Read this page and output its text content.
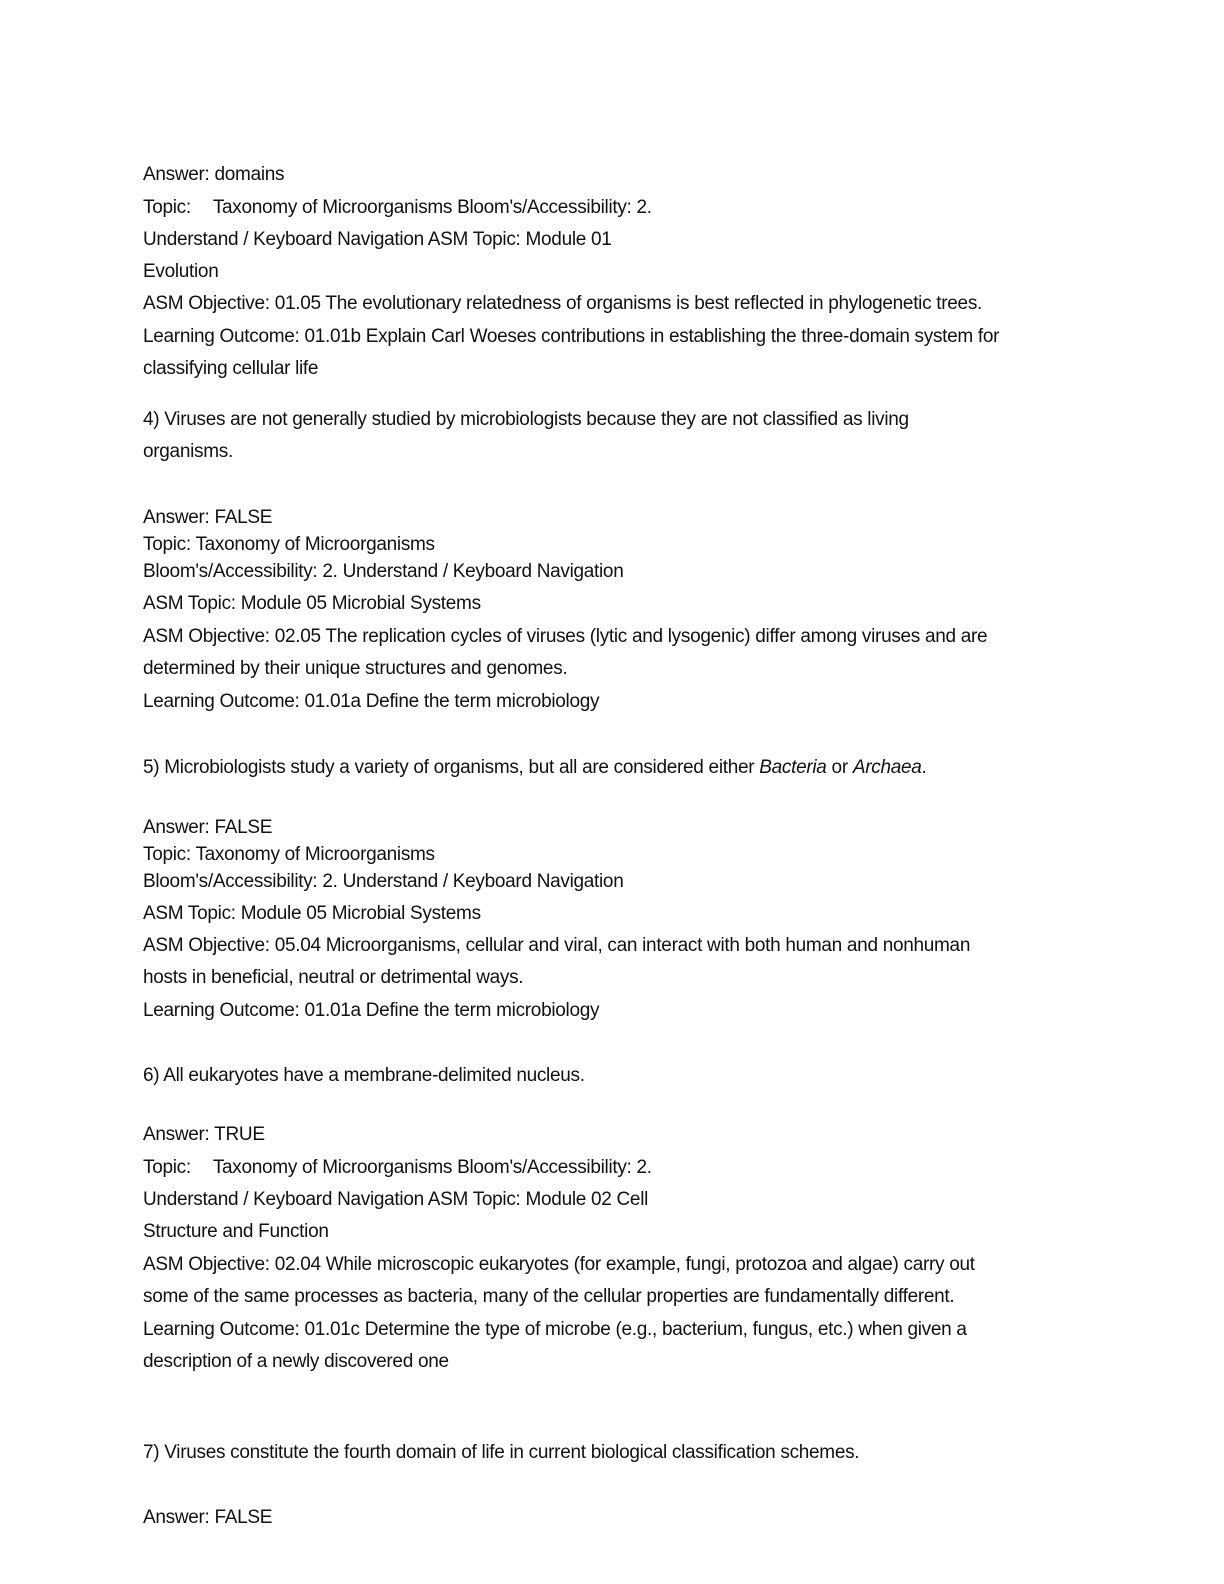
Answer: domains
Topic: Taxonomy of Microorganisms Bloom's/Accessibility: 2.
Understand / Keyboard Navigation ASM Topic: Module 01
Evolution
ASM Objective: 01.05 The evolutionary relatedness of organisms is best reflected in phylogenetic trees.
Learning Outcome: 01.01b Explain Carl Woeses contributions in establishing the three-domain system for
classifying cellular life
4) Viruses are not generally studied by microbiologists because they are not classified as living
organisms.
Answer: FALSE
Topic: Taxonomy of Microorganisms
Bloom's/Accessibility: 2. Understand / Keyboard Navigation
ASM Topic: Module 05 Microbial Systems
ASM Objective: 02.05 The replication cycles of viruses (lytic and lysogenic) differ among viruses and are
determined by their unique structures and genomes.
Learning Outcome: 01.01a Define the term microbiology
5) Microbiologists study a variety of organisms, but all are considered either Bacteria or Archaea.
Answer: FALSE
Topic: Taxonomy of Microorganisms
Bloom's/Accessibility: 2. Understand / Keyboard Navigation
ASM Topic: Module 05 Microbial Systems
ASM Objective: 05.04 Microorganisms, cellular and viral, can interact with both human and nonhuman
hosts in beneficial, neutral or detrimental ways.
Learning Outcome: 01.01a Define the term microbiology
6) All eukaryotes have a membrane-delimited nucleus.
Answer: TRUE
Topic: Taxonomy of Microorganisms Bloom's/Accessibility: 2.
Understand / Keyboard Navigation ASM Topic: Module 02 Cell
Structure and Function
ASM Objective: 02.04 While microscopic eukaryotes (for example, fungi, protozoa and algae) carry out
some of the same processes as bacteria, many of the cellular properties are fundamentally different.
Learning Outcome: 01.01c Determine the type of microbe (e.g., bacterium, fungus, etc.) when given a
description of a newly discovered one
7) Viruses constitute the fourth domain of life in current biological classification schemes.
Answer: FALSE
